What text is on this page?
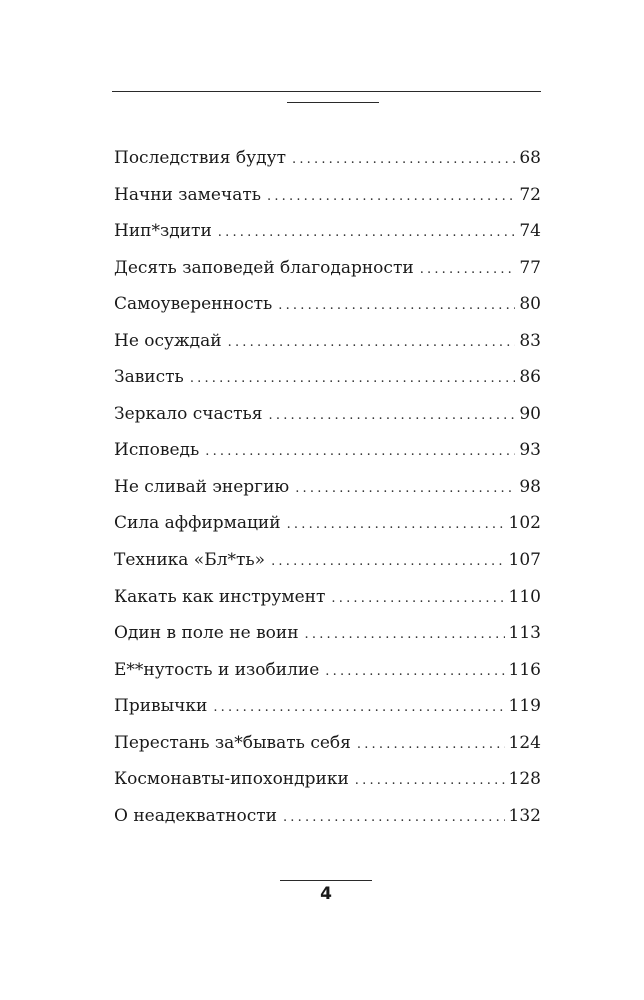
Последствия будут .....	68
Начни замечать .....	72
Нип*здити .....	74
Десять заповедей благодарности .....	77
Самоуверенность .....	80
Не осуждай .....	83
Зависть .....	86
Зеркало счастья .....	90
Исповедь .....	93
Не сливай энергию .....	98
Сила аффирмаций .....	102
Техника «Бл*ть» .....	107
Какать как инструмент .....	110
Один в поле не воин .....	113
Е**нутость и изобилие .....	116
Привычки .....	119
Перестань за*бывать себя .....	124
Космонавты-ипохондрики .....	128
О неадекватности .....	132
4
